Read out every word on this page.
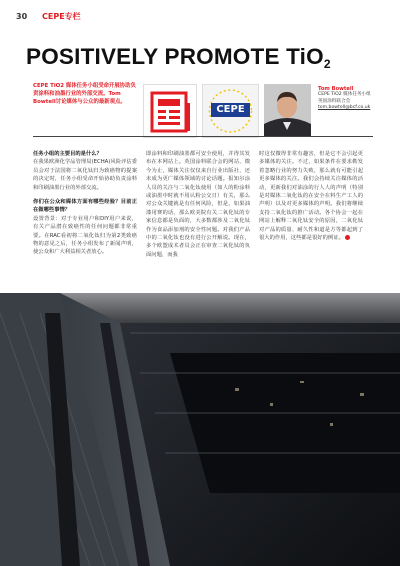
30 CEPE专栏
POSITIVELY PROMOTE TiO$_2$
CEPE TiO2 媒体任务小组受命开展协助负责涂料和油墨行业的外部交流。Tom Bowtell讨论媒体与公众的最新观点。
CEPE
Tom Bowtell
CEPE TiO2 媒体任务小组
英国涂料联合会
tom.bowtell@bcf.co.uk
任务小组的主要目的是什么？

在我果欧洲化学品管理局(ECHA)风险评估委员会对于法国将二氧化钛归为致癌物的提案的决定时，任务小组受命开始协助负责涂料和印刷油墨行业的外部交流。

你们在公众和媒体方面有哪些经验？目前正在做哪些事情？

设置背景：对于专业用户和DIY用户来说，有关产品潜在致癌性的任何问题都非常重要。在RAC看初将二氧化钛归为第2类致癌物的意见之后，任务小组发布了新闻声明，使公众和广大利益相关者放心。

即涂料和印刷油墨都可安全使用，并得其发布在本网站上。英国涂料联合会的网站、微今为止，媒体关注仅仅来自行业出版社，还未成为更广媒体领域的讨论话题。报知尔涂人员的关注与二氧化钛使用（如人的粉涂料或油墨中时就不用认粉公交日）有关，那么对公众关键就是有任何风险，但是，如果油漆用赛的话，那么欧美院有关二氧化钛的专家信息都是负面的，大多数都涉及二氧化钛作为食品添加剂的安全性问题。对我们产品中的二氧化钛也没有进行公开解说。现在，多个欧盟成术者员会正在审查二氧化钛的负面问题，而我

时这仅微得非常有趣害，但是它不会引起更多媒体的关注。不过，如果条件在要求勒发着忽略行业的努力失败，那么就有可能引起更多媒体的关注。我们会持续关注媒体的活动，更新我们对油涂的行人人的声明（特别是对媒体二氧化钛的在安全在料生产工人的声明）以及对更多媒体的声明。我们将继续支持二氧化钛的推广活动。各个协会一起在网站上解释二氧化钛安全的原因，二氧化钛对产品的质量、耐久性和道是方等都起到了很大的作用，这些都是很好的例证。
